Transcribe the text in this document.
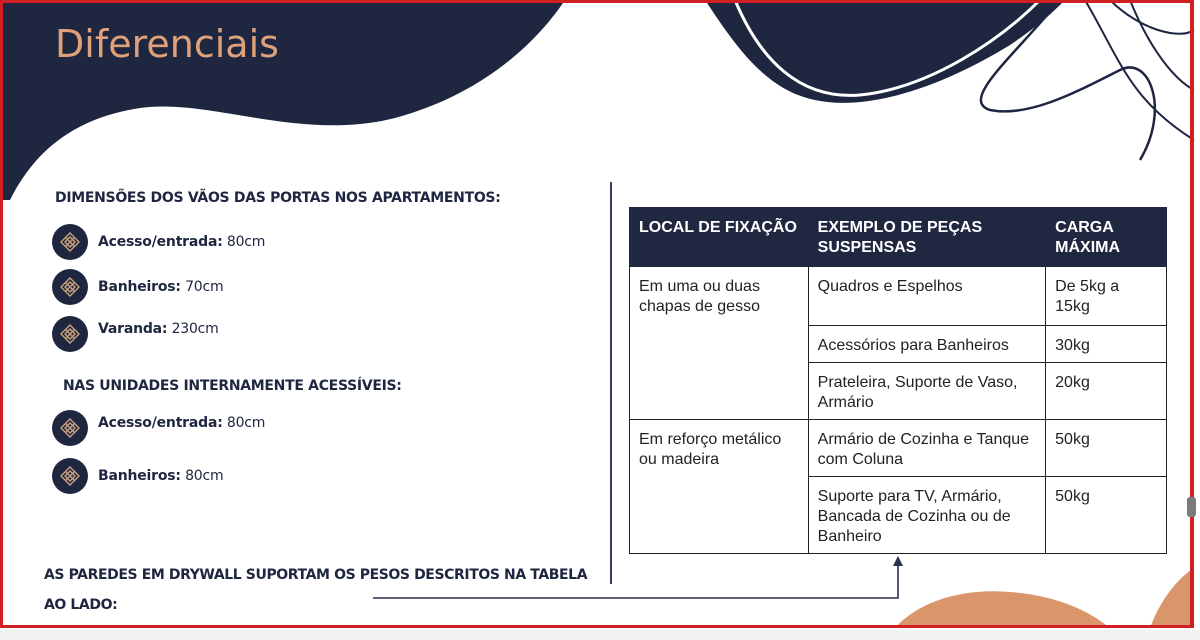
Diferenciais
DIMENSÕES DOS VÃOS DAS PORTAS NOS APARTAMENTOS:
Acesso/entrada: 80cm
Banheiros: 70cm
Varanda: 230cm
NAS UNIDADES INTERNAMENTE ACESSÍVEIS:
Acesso/entrada: 80cm
Banheiros: 80cm
LOCAL DE FIXAÇÃO	EXEMPLO DE PEÇAS SUSPENSAS	CARGA MÁXIMA
Em uma ou duas chapas de gesso	Quadros e Espelhos	De 5kg a 15kg
	Acessórios para Banheiros	30kg
	Prateleira, Suporte de Vaso, Armário	20kg
Em reforço metálico ou madeira	Armário de Cozinha e Tanque com Coluna	50kg
	Suporte para TV, Armário, Bancada de Cozinha ou de Banheiro	50kg

AS PAREDES EM DRYWALL SUPORTAM OS PESOS DESCRITOS NA TABELA AO LADO:
